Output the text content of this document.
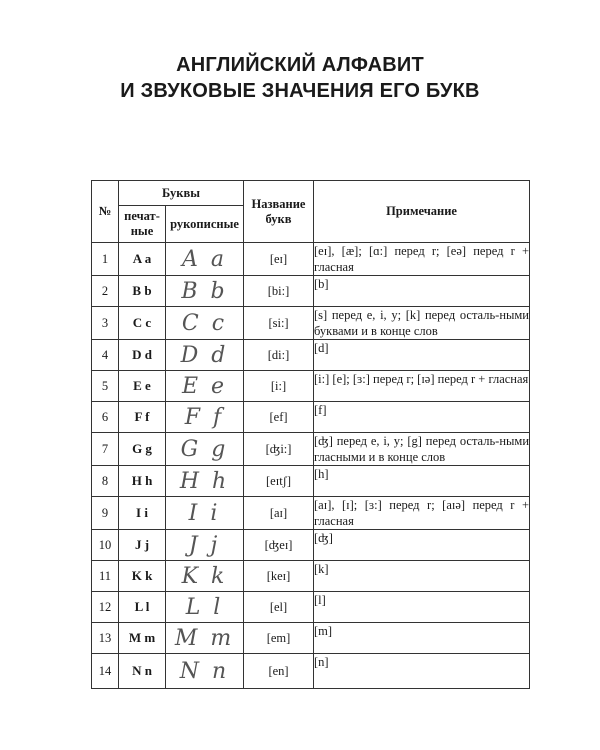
АНГЛИЙСКИЙ АЛФАВИТ
И ЗВУКОВЫЕ ЗНАЧЕНИЯ ЕГО БУКВ
№	Буквы		Название букв	Примечание
	печат-ные	рукописные		
1	A a	A a	[eɪ]	[eɪ], [æ]; [ɑ:] перед r; [eə] перед r + гласная
2	B b	B b	[bi:]	[b]
3	C c	C c	[si:]	[s] перед e, i, y; [k] перед осталь-ными буквами и в конце слов
4	D d	D d	[di:]	[d]
5	E e	E e	[i:]	[i:] [e]; [ɜ:] перед r; [ɪə] перед r + гласная
6	F f	F f	[ef]	[f]
7	G g	G g	[ʤi:]	[ʤ] перед e, i, y; [g] перед осталь-ными гласными и в конце слов
8	H h	H h	[eɪtʃ]	[h]
9	I i	I i	[aɪ]	[aɪ], [ɪ]; [ɜ:] перед r; [aɪə] перед r + гласная
10	J j	J j	[ʤeɪ]	[ʤ]
11	K k	K k	[keɪ]	[k]
12	L l	L l	[el]	[l]
13	M m	M m	[em]	[m]
14	N n	N n	[en]	[n]
